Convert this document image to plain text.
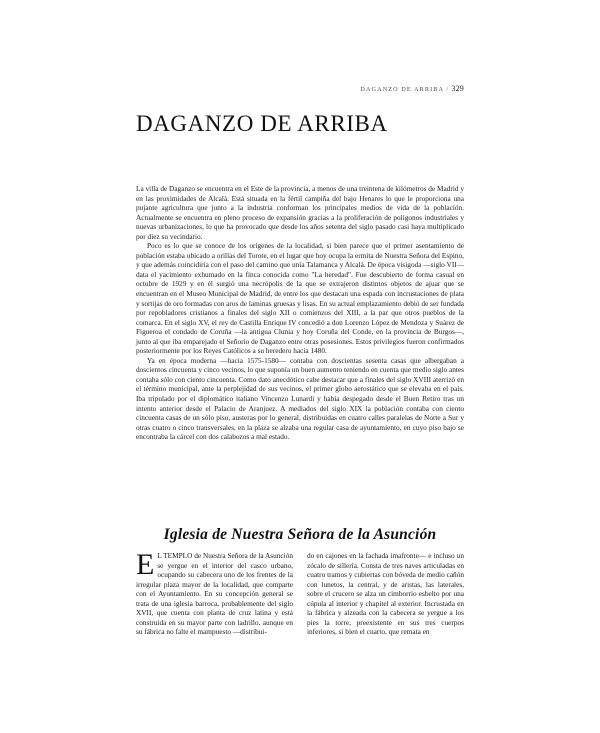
DAGANZO DE ARRIBA / 329
DAGANZO DE ARRIBA

La villa de Daganzo se encuentra en el Este de la provincia, a menos de una treintena de kilómetros de Madrid y en las proximidades de Alcalá. Está situada en la fértil campiña del bajo Henares lo que le proporciona una pujante agricultura que junto a la industria conforman los principales medios de vida de la población. Actualmente se encuentra en pleno proceso de expansión gracias a la proliferación de polígonos industriales y nuevas urbanizaciones, lo que ha provocado que desde los años setenta del siglo pasado casi haya multiplicado por diez su vecindario.

Poco es lo que se conoce de los orígenes de la localidad, si bien parece que el primer asentamiento de población estaba ubicado a orillas del Torote, en el lugar que hoy ocupa la ermita de Nuestra Señora del Espino, y que además coincidiría con el paso del camino que unía Talamanca y Alcalá. De época visigoda —siglo VII— data el yacimiento exhumado en la finca conocida como "La heredad". Fue descubierto de forma casual en octubre de 1929 y en él surgió una necrópolis de la que se extrajeron distintos objetos de ajuar que se encuentran en el Museo Municipal de Madrid, de entre los que destacan una espada con incrustaciones de plata y sortijas de oro formadas con aros de laminas gruesas y lisas. En su actual emplazamiento debió de ser fundada por repobladores cristianos a finales del siglo XII o comienzos del XIII, a la par que otros pueblos de la comarca. En el siglo XV, el rey de Castilla Enrique IV concedió a don Lorenzo López de Mendoza y Suárez de Figueroa el condado de Coruña —la antigua Clunia y hoy Coruña del Conde, en la provincia de Burgos—, junto al que iba emparejado el Señorío de Daganzo entre otras posesiones. Estos privilegios fueron confirmados posteriormente por los Reyes Católicos a su heredero hacia 1480.

Ya en época moderna —hacia 1575-1580— contaba con doscientas sesenta casas que albergaban a doscientos cincuenta y cinco vecinos, lo que suponía un buen aumento teniendo en cuenta que medio siglo antes contaba sólo con ciento cincuenta. Como dato anecdótico cabe destacar que a finales del siglo XVIII aterrizó en el término municipal, ante la perplejidad de sus vecinos, el primer globo aerostático que se elevaba en el país. Iba tripulado por el diplomático italiano Vincenzo Lunardi y había despegado desde el Buen Retiro tras un intento anterior desde el Palacio de Aranjuez. A mediados del siglo XIX la población contaba con ciento cincuenta casas de un sólo piso, austeras por lo general, distribuidas en cuatro calles paralelas de Norte a Sur y otras cuatro o cinco transversales, en la plaza se alzaba una regular casa de ayuntamiento, en cuyo piso bajo se encontraba la cárcel con dos calabozos a mal estado.

Iglesia de Nuestra Señora de la Asunción

E L TEMPLO de Nuestra Señora de la Asunción se yergue en el interior del casco urbano, ocupando su cabecera uno de los frentes de la irregular plaza mayor de la localidad, que comparte con el Ayuntamiento. En su concepción general se trata de una iglesia barroca, probablemente del siglo XVII, que cuenta con planta de cruz latina y está construida en su mayor parte con ladrillo, aunque en su fábrica no falte el mampuesto —distribui-

do en cajones en la fachada imafronte— e incluso un zócalo de sillería. Consta de tres naves articuladas en cuatro tramos y cubiertas con bóveda de medio cañón con lunetos, la central, y de aristas, las laterales, sobre el crucero se alza un cimborrio esbelto por una cúpula al interior y chapitel al exterior. Incrustada en la fábrica y alzeada con la cabecera se yergue a los pies la torre, preexistente en sus tres cuerpos inferiores, si bien el cuarto, que remata en
